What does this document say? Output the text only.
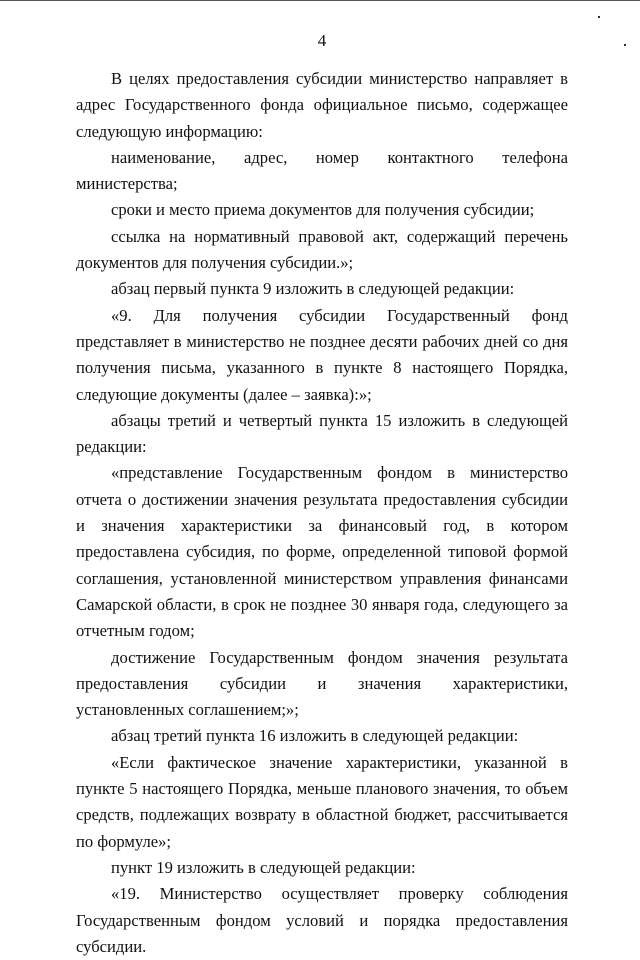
4

В целях предоставления субсидии министерство направляет в адрес Государственного фонда официальное письмо, содержащее следующую информацию:

наименование, адрес, номер контактного телефона министерства;

сроки и место приема документов для получения субсидии;

ссылка на нормативный правовой акт, содержащий перечень документов для получения субсидии.»;

абзац первый пункта 9 изложить в следующей редакции:

«9. Для получения субсидии Государственный фонд представляет в министерство не позднее десяти рабочих дней со дня получения письма, указанного в пункте 8 настоящего Порядка, следующие документы (далее – заявка):»;

абзацы третий и четвертый пункта 15 изложить в следующей редакции:

«представление Государственным фондом в министерство отчета о достижении значения результата предоставления субсидии и значения характеристики за финансовый год, в котором предоставлена субсидия, по форме, определенной типовой формой соглашения, установленной министерством управления финансами Самарской области, в срок не позднее 30 января года, следующего за отчетным годом;

достижение Государственным фондом значения результата предоставления субсидии и значения характеристики, установленных соглашением;»;

абзац третий пункта 16 изложить в следующей редакции:

«Если фактическое значение характеристики, указанной в пункте 5 настоящего Порядка, меньше планового значения, то объем средств, подлежащих возврату в областной бюджет, рассчитывается по формуле»;

пункт 19 изложить в следующей редакции:

«19. Министерство осуществляет проверку соблюдения Государственным фондом условий и порядка предоставления субсидии.
